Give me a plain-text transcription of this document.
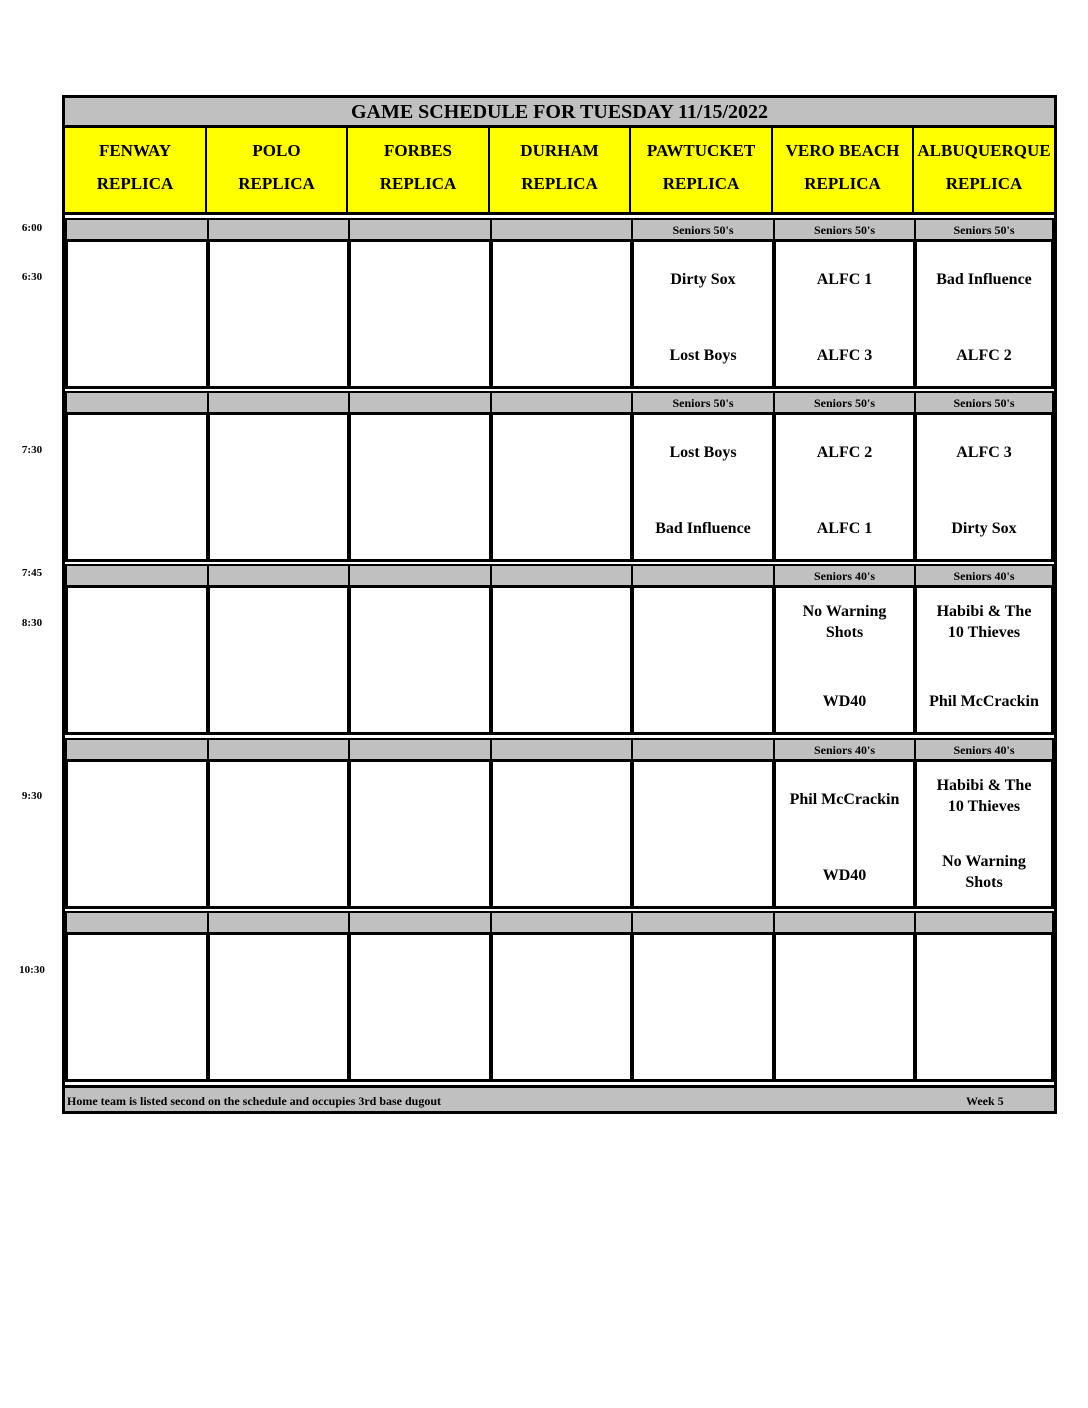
GAME SCHEDULE FOR TUESDAY 11/15/2022
FENWAY
REPLICA
POLO
REPLICA
FORBES
REPLICA
DURHAM
REPLICA
PAWTUCKET
REPLICA
VERO BEACH
REPLICA
ALBUQUERQUE
REPLICA
Seniors 50's
Dirty Sox
Lost Boys
Seniors 50's
ALFC 1
ALFC 3
Seniors 50's
Bad Influence
ALFC 2
Seniors 50's
Lost Boys
Bad Influence
Seniors 50's
ALFC 2
ALFC 1
Seniors 50's
ALFC 3
Dirty Sox
Seniors 40's
No Warning Shots
WD40
Seniors 40's
Habibi & The 10 Thieves
Phil McCrackin
Seniors 40's
Phil McCrackin
WD40
Seniors 40's
Habibi & The 10 Thieves
No Warning Shots
Home team is listed second on the schedule and occupies 3rd base dugout	Week 5
6:00
6:30
7:30
7:45
8:30
9:30
10:30
